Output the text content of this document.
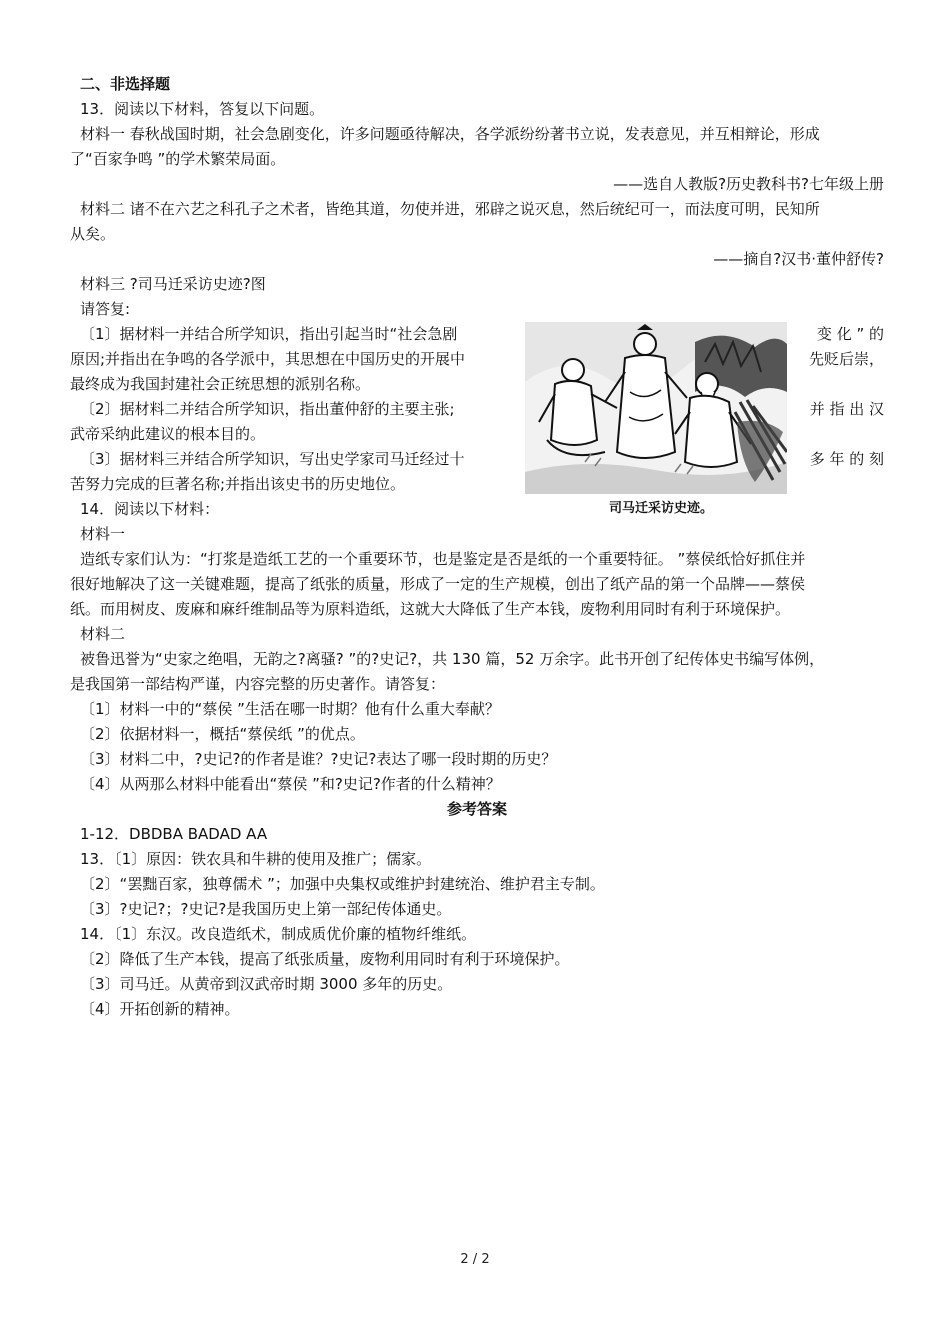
二、非选择题

13．阅读以下材料，答复以下问题。

材料一 春秋战国时期，社会急剧变化，许多问题亟待解决，各学派纷纷著书立说，发表意见，并互相辩论，形成

了“百家争鸣 ”的学术繁荣局面。

——选自人教版?历史教科书?七年级上册

材料二 诸不在六艺之科孔子之术者，皆绝其道，勿使并进，邪辟之说灭息，然后统纪可一，而法度可明，民知所

从矣。

——摘自?汉书·董仲舒传?

材料三 ?司马迁采访史迹?图

请答复:

〔1〕据材料一并结合所学知识，指出引起当时“社会急剧	变 化 ” 的
原因;并指出在争鸣的各学派中，其思想在中国历史的开展中	先贬后崇，

最终成为我国封建社会正统思想的派别名称。

〔2〕据材料二并结合所学知识，指出董仲舒的主要主张;	并 指 出 汉

武帝采纳此建议的根本目的。

〔3〕据材料三并结合所学知识，写出史学家司马迁经过十	多 年 的 刻

苦努力完成的巨著名称;并指出该史书的历史地位。

司马迁采访史迹。

14．阅读以下材料：

材料一

造纸专家们认为：“打浆是造纸工艺的一个重要环节，也是鉴定是否是纸的一个重要特征。 ”蔡侯纸恰好抓住并

很好地解决了这一关键难题，提高了纸张的质量，形成了一定的生产规模，创出了纸产品的第一个品牌——蔡侯

纸。而用树皮、废麻和麻纤维制品等为原料造纸，这就大大降低了生产本钱，废物利用同时有利于环境保护。

材料二

被鲁迅誉为“史家之绝唱，无韵之?离骚? ”的?史记?，共 130 篇，52 万余字。此书开创了纪传体史书编写体例，

是我国第一部结构严谨，内容完整的历史著作。请答复：

〔1〕材料一中的“蔡侯 ”生活在哪一时期？他有什么重大奉献？

〔2〕依据材料一，概括“蔡侯纸 ”的优点。

〔3〕材料二中，?史记?的作者是谁？?史记?表达了哪一段时期的历史？

〔4〕从两那么材料中能看出“蔡侯 ”和?史记?作者的什么精神？

参考答案

1-12．DBDBA BADAD AA

13．〔1〕原因：铁农具和牛耕的使用及推广；儒家。

〔2〕“罢黜百家，独尊儒术 ”；加强中央集权或维护封建统治、维护君主专制。

〔3〕?史记?；?史记?是我国历史上第一部纪传体通史。

14．〔1〕东汉。改良造纸术，制成质优价廉的植物纤维纸。

〔2〕降低了生产本钱，提高了纸张质量，废物利用同时有利于环境保护。

〔3〕司马迁。从黄帝到汉武帝时期 3000 多年的历史。

〔4〕开拓创新的精神。

2 / 2
